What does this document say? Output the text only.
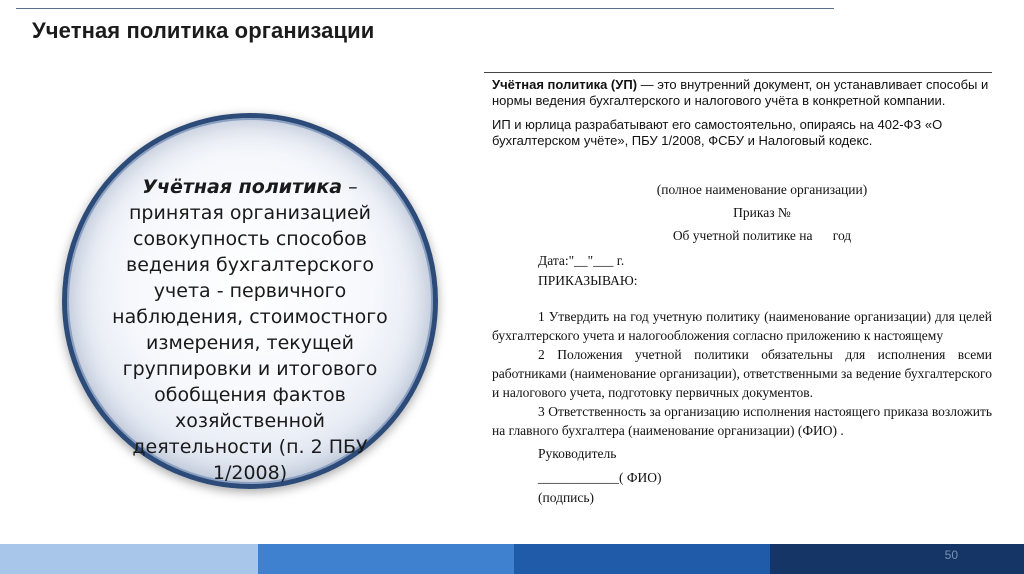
Учетная политика организации
Учётная политика – принятая организацией совокупность способов ведения бухгалтерского учета - первичного наблюдения, стоимостного измерения, текущей группировки и итогового обобщения фактов хозяйственной деятельности (п. 2 ПБУ 1/2008)

Учётная политика (УП) — это внутренний документ, он устанавливает способы и нормы ведения бухгалтерского и налогового учёта в конкретной компании.

ИП и юрлица разрабатывают его самостоятельно, опираясь на 402-ФЗ «О бухгалтерском учёте», ПБУ 1/2008, ФСБУ и Налоговый кодекс.

(полное наименование организации)
Приказ №
Об учетной политике на      год
Дата:"__"___ г.
ПРИКАЗЫВАЮ:
1 Утвердить на год учетную политику (наименование организации) для целей бухгалтерского учета и налогообложения согласно приложению к настоящему
2 Положения учетной политики обязательны для исполнения всеми работниками (наименование организации), ответственными за ведение бухгалтерского и налогового учета, подготовку первичных документов.
3 Ответственность за организацию исполнения настоящего приказа возложить на главного бухгалтера (наименование организации) (ФИО) .
Руководитель
____________( ФИО)
(подпись)
50
